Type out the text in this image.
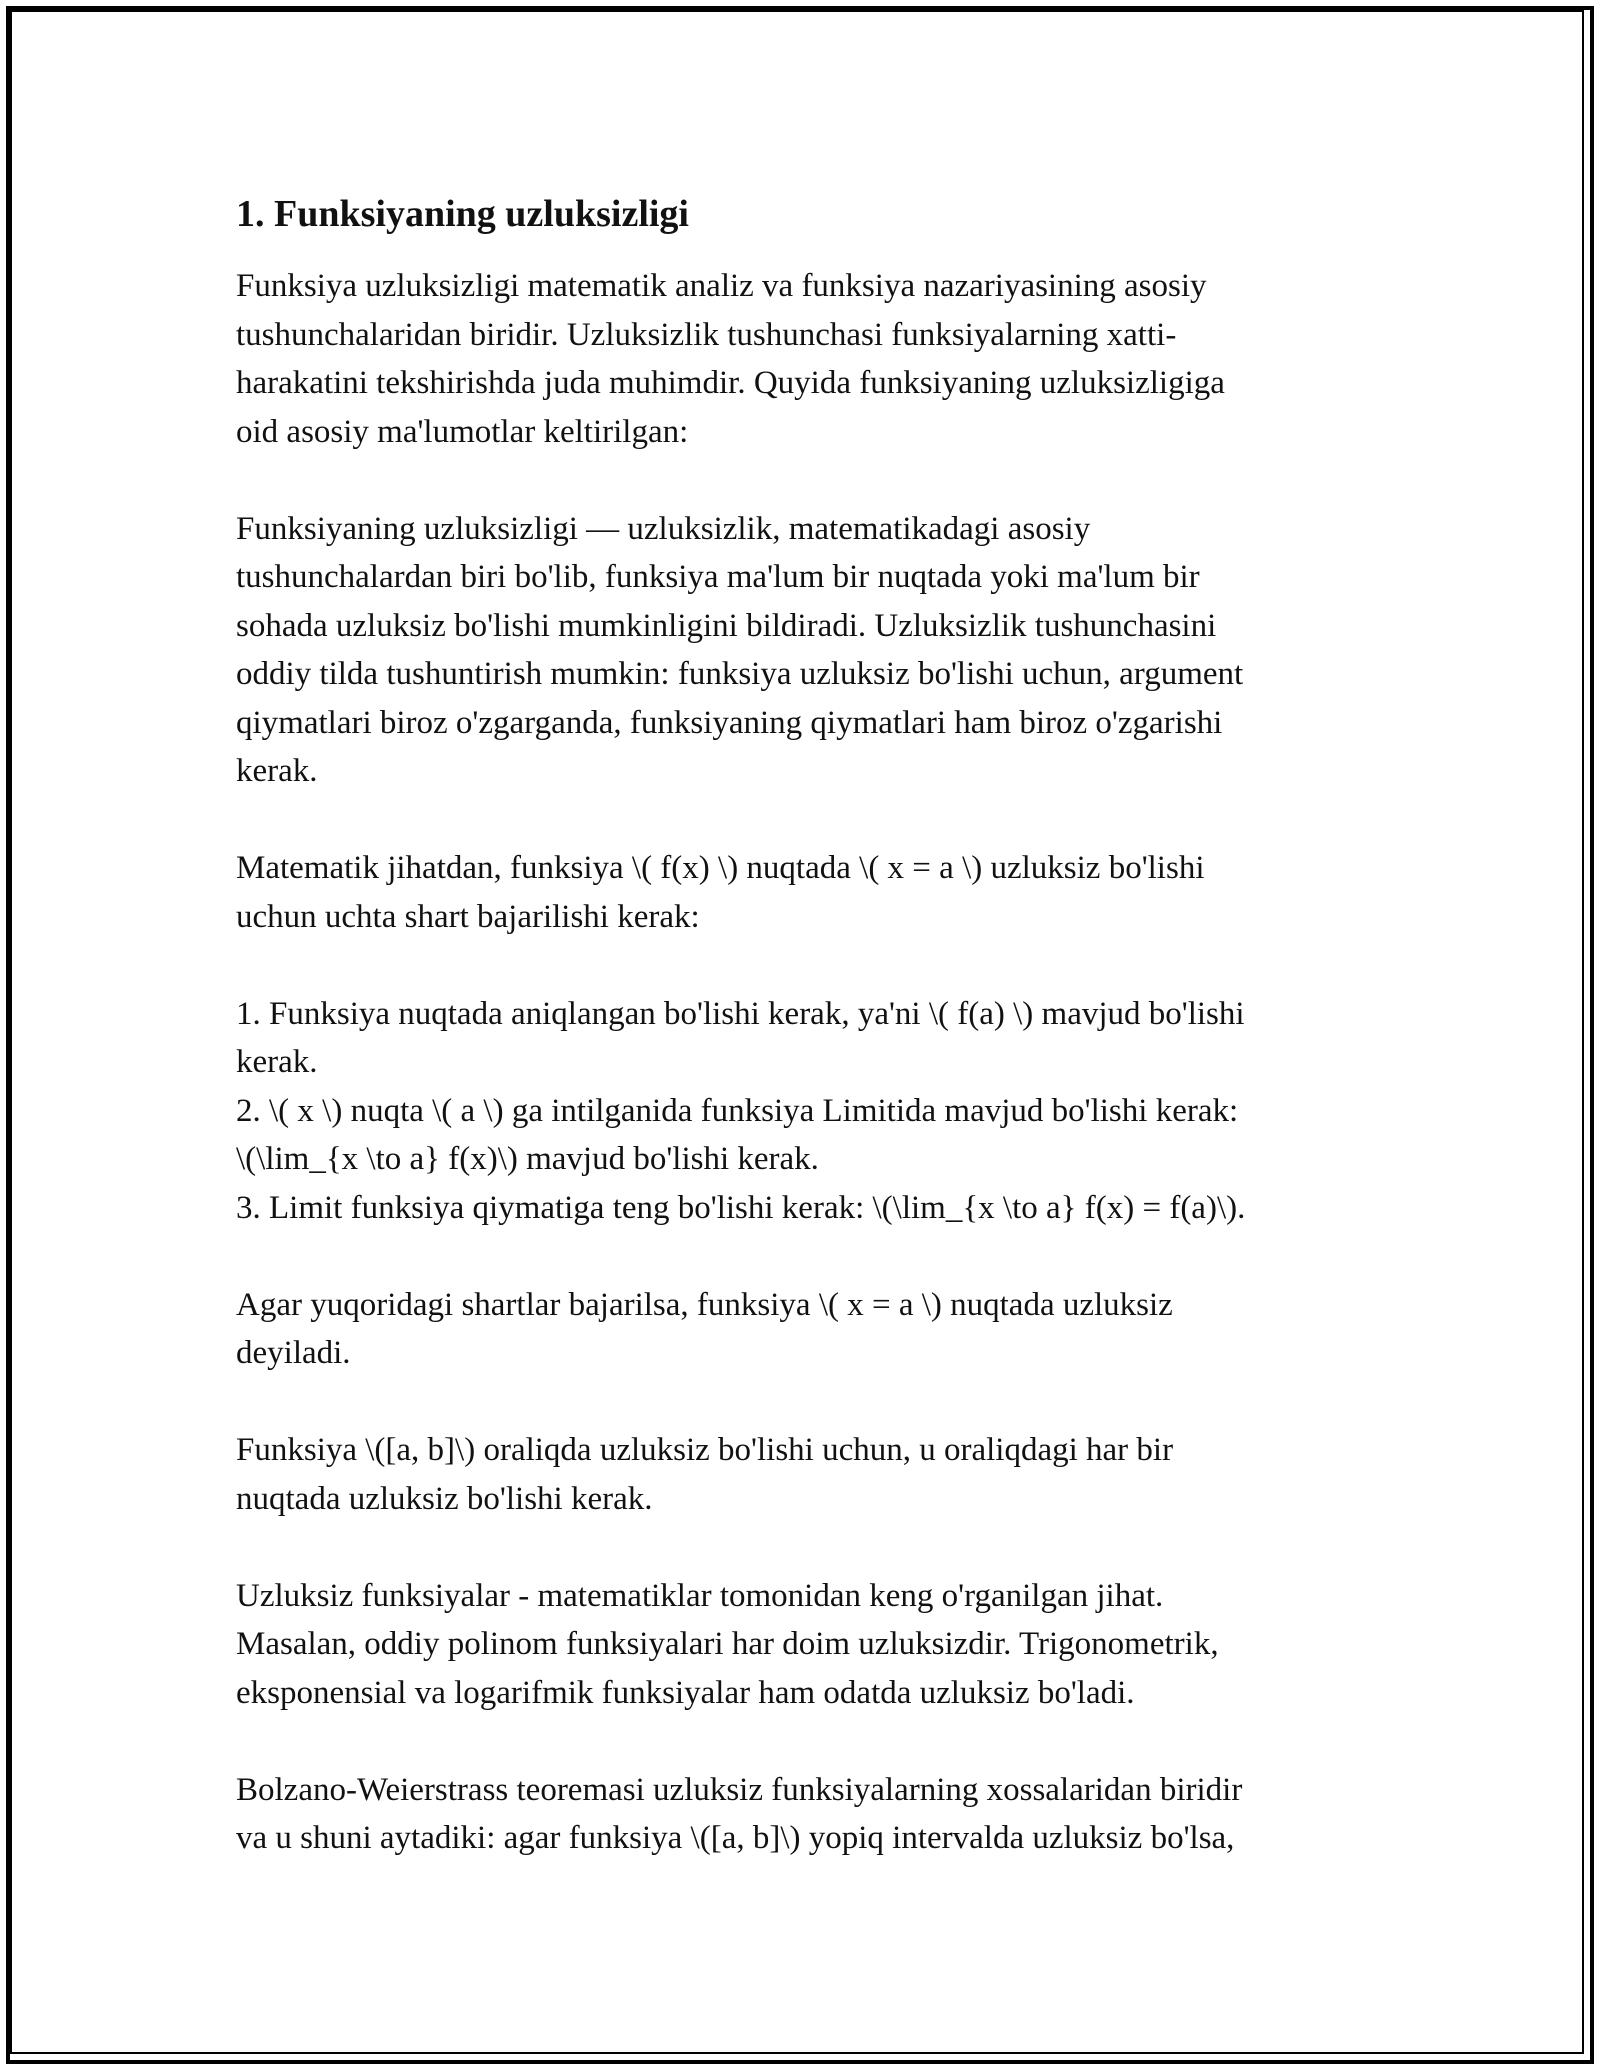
1. Funksiyaning uzluksizligi
Funksiya uzluksizligi matematik analiz va funksiya nazariyasining asosiy
tushunchalaridan biridir. Uzluksizlik tushunchasi funksiyalarning xatti-
harakatini tekshirishda juda muhimdir. Quyida funksiyaning uzluksizligiga
oid asosiy ma'lumotlar keltirilgan:
Funksiyaning uzluksizligi — uzluksizlik, matematikadagi asosiy
tushunchalardan biri bo'lib, funksiya ma'lum bir nuqtada yoki ma'lum bir
sohada uzluksiz bo'lishi mumkinligini bildiradi. Uzluksizlik tushunchasini
oddiy tilda tushuntirish mumkin: funksiya uzluksiz bo'lishi uchun, argument
qiymatlari biroz o'zgarganda, funksiyaning qiymatlari ham biroz o'zgarishi
kerak.
Matematik jihatdan, funksiya \( f(x) \) nuqtada \( x = a \) uzluksiz bo'lishi
uchun uchta shart bajarilishi kerak:
1. Funksiya nuqtada aniqlangan bo'lishi kerak, ya'ni \( f(a) \) mavjud bo'lishi
kerak.
2. \( x \) nuqta \( a \) ga intilganida funksiya Limitida mavjud bo'lishi kerak:
\(\lim_{x \to a} f(x)\) mavjud bo'lishi kerak.
3. Limit funksiya qiymatiga teng bo'lishi kerak: \(\lim_{x \to a} f(x) = f(a)\).
Agar yuqoridagi shartlar bajarilsa, funksiya \( x = a \) nuqtada uzluksiz
deyiladi.
Funksiya \([a, b]\) oraliqda uzluksiz bo'lishi uchun, u oraliqdagi har bir
nuqtada uzluksiz bo'lishi kerak.
Uzluksiz funksiyalar - matematiklar tomonidan keng o'rganilgan jihat.
Masalan, oddiy polinom funksiyalari har doim uzluksizdir. Trigonometrik,
eksponensial va logarifmik funksiyalar ham odatda uzluksiz bo'ladi.
Bolzano-Weierstrass teoremasi uzluksiz funksiyalarning xossalaridan biridir
va u shuni aytadiki: agar funksiya \([a, b]\) yopiq intervalda uzluksiz bo'lsa,
